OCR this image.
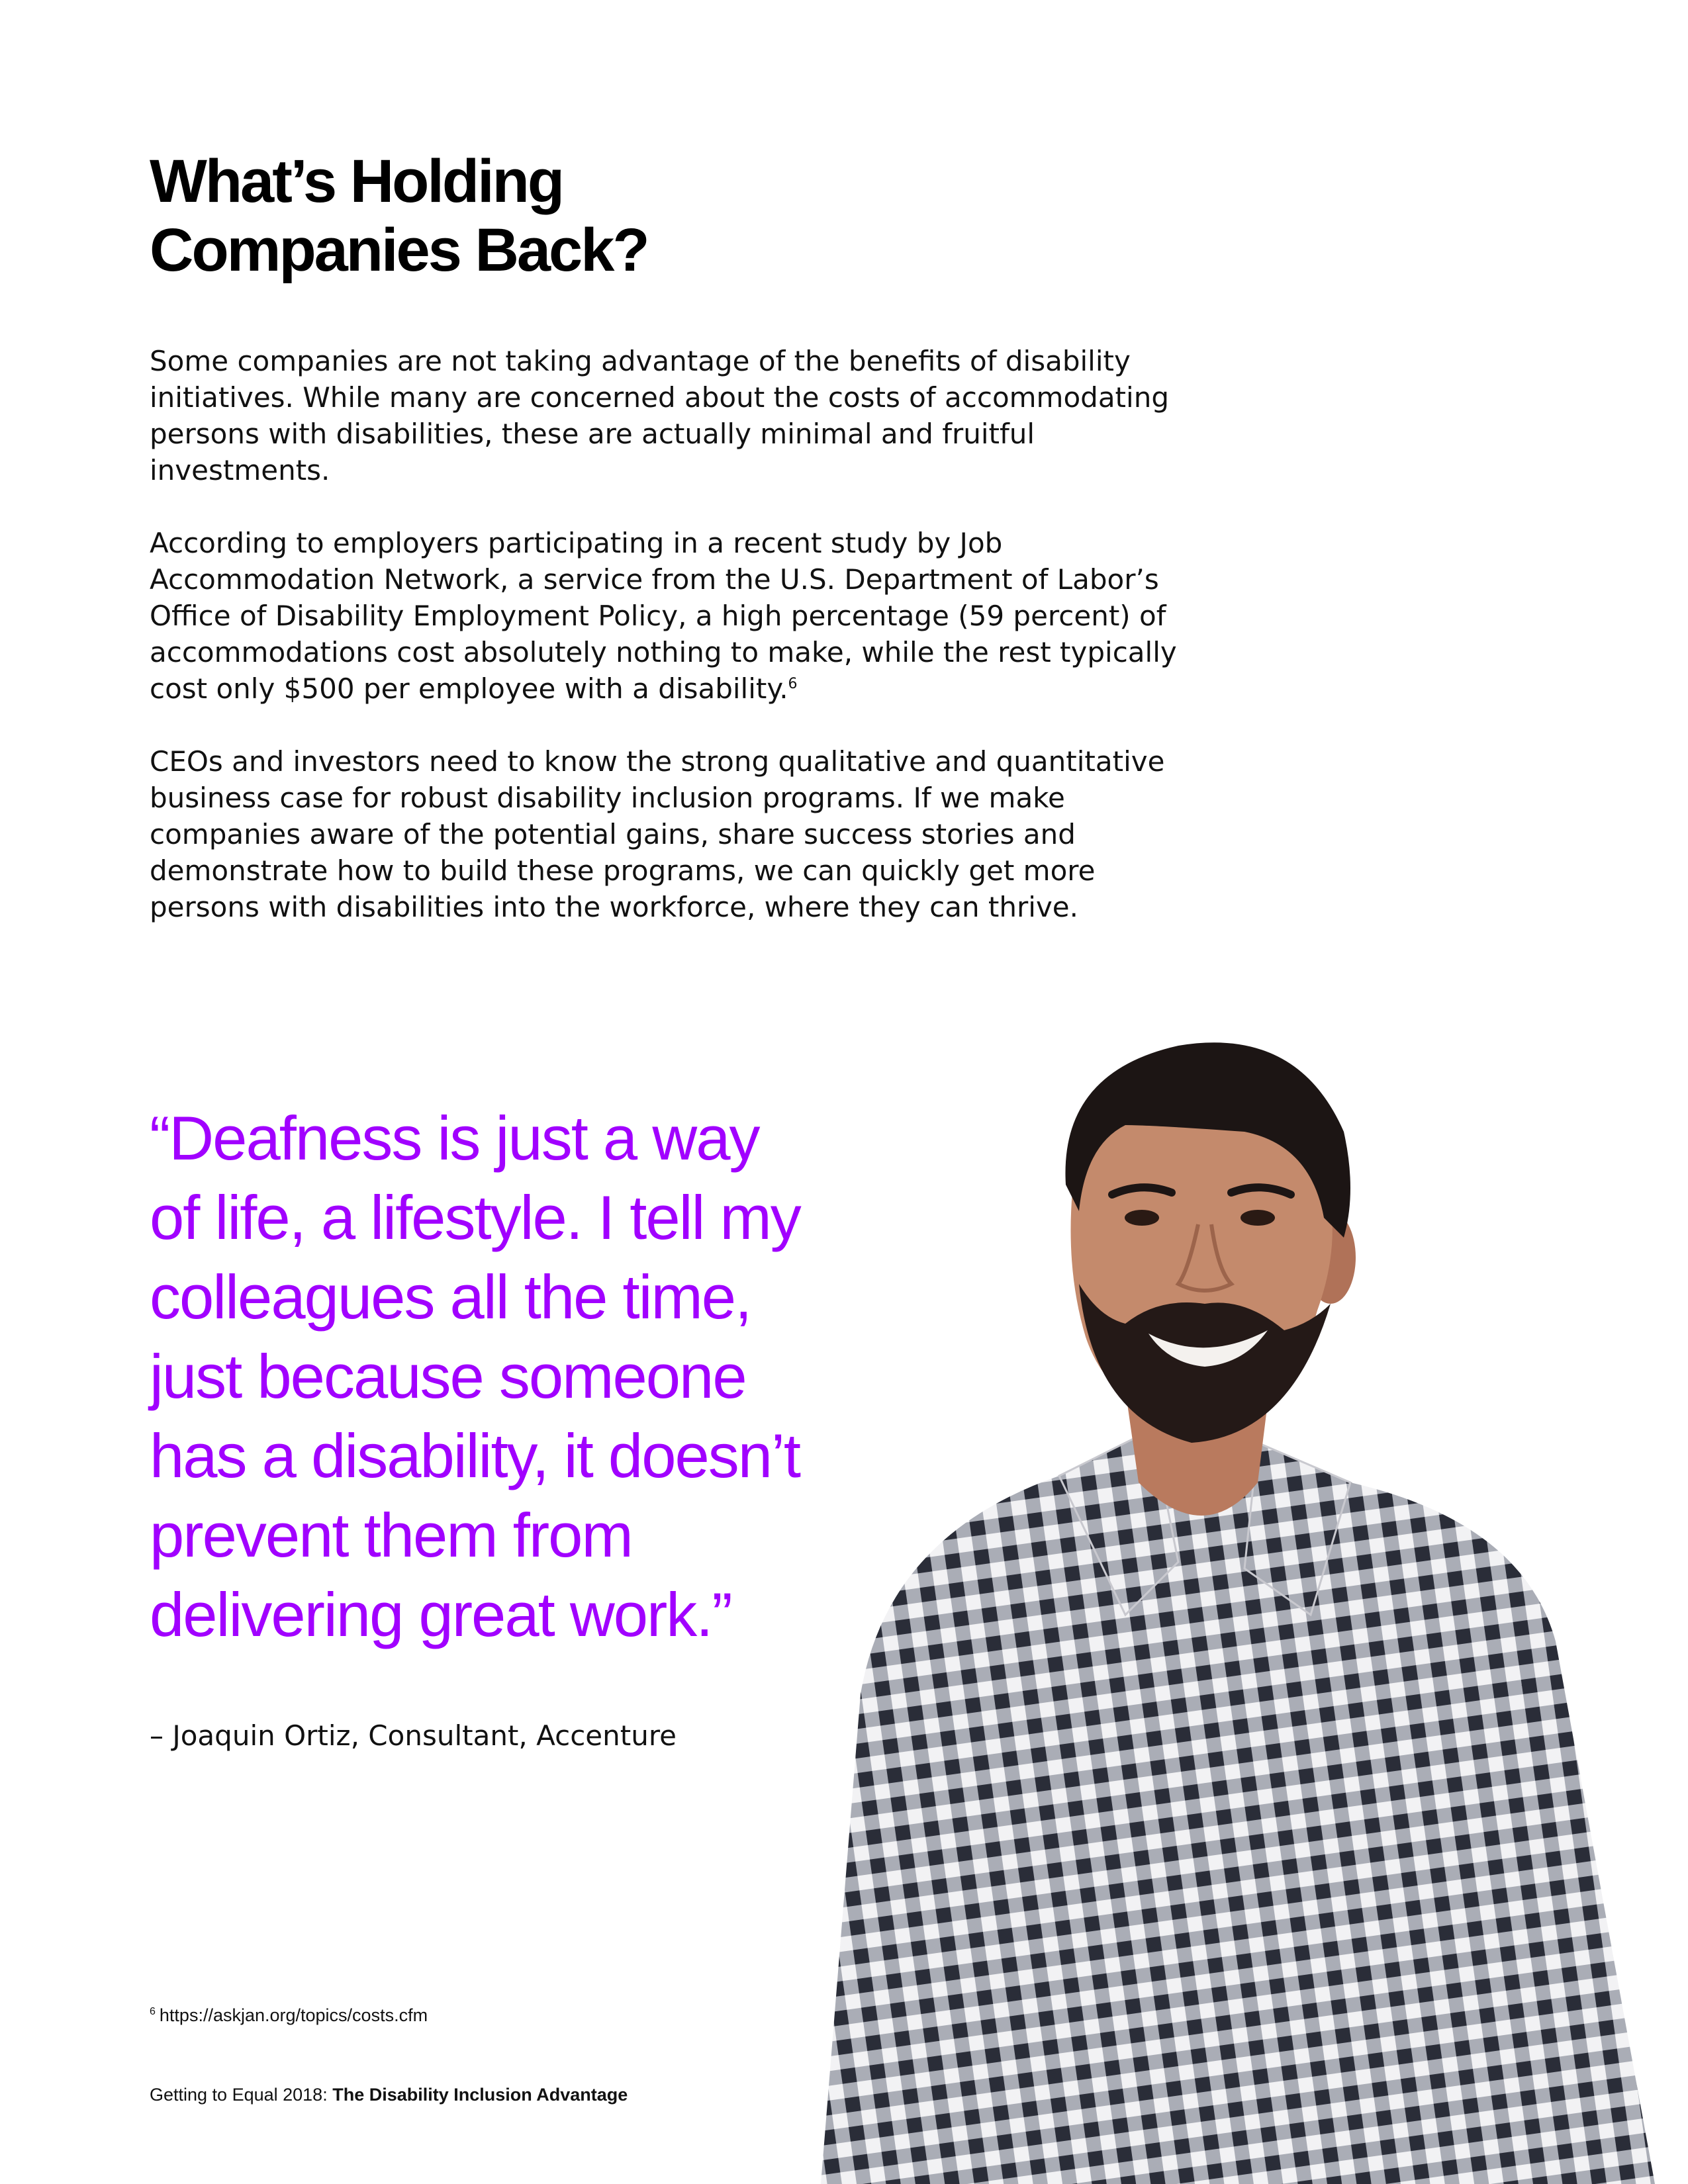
What’s Holding
Companies Back?

Some companies are not taking advantage of the benefits of disability initiatives. While many are concerned about the costs of accommodating persons with disabilities, these are actually minimal and fruitful investments.

According to employers participating in a recent study by Job Accommodation Network, a service from the U.S. Department of Labor’s Office of Disability Employment Policy, a high percentage (59 percent) of accommodations cost absolutely nothing to make, while the rest typically cost only $500 per employee with a disability.$^6$

CEOs and investors need to know the strong qualitative and quantitative business case for robust disability inclusion programs. If we make companies aware of the potential gains, share success stories and demonstrate how to build these programs, we can quickly get more persons with disabilities into the workforce, where they can thrive.

“Deafness is just a way
of life, a lifestyle. I tell my
colleagues all the time,
just because someone
has a disability, it doesn’t
prevent them from
delivering great work.”
– Joaquin Ortiz, Consultant, Accenture
$^6$ https://askjan.org/topics/costs.cfm
Getting to Equal 2018: The Disability Inclusion Advantage
